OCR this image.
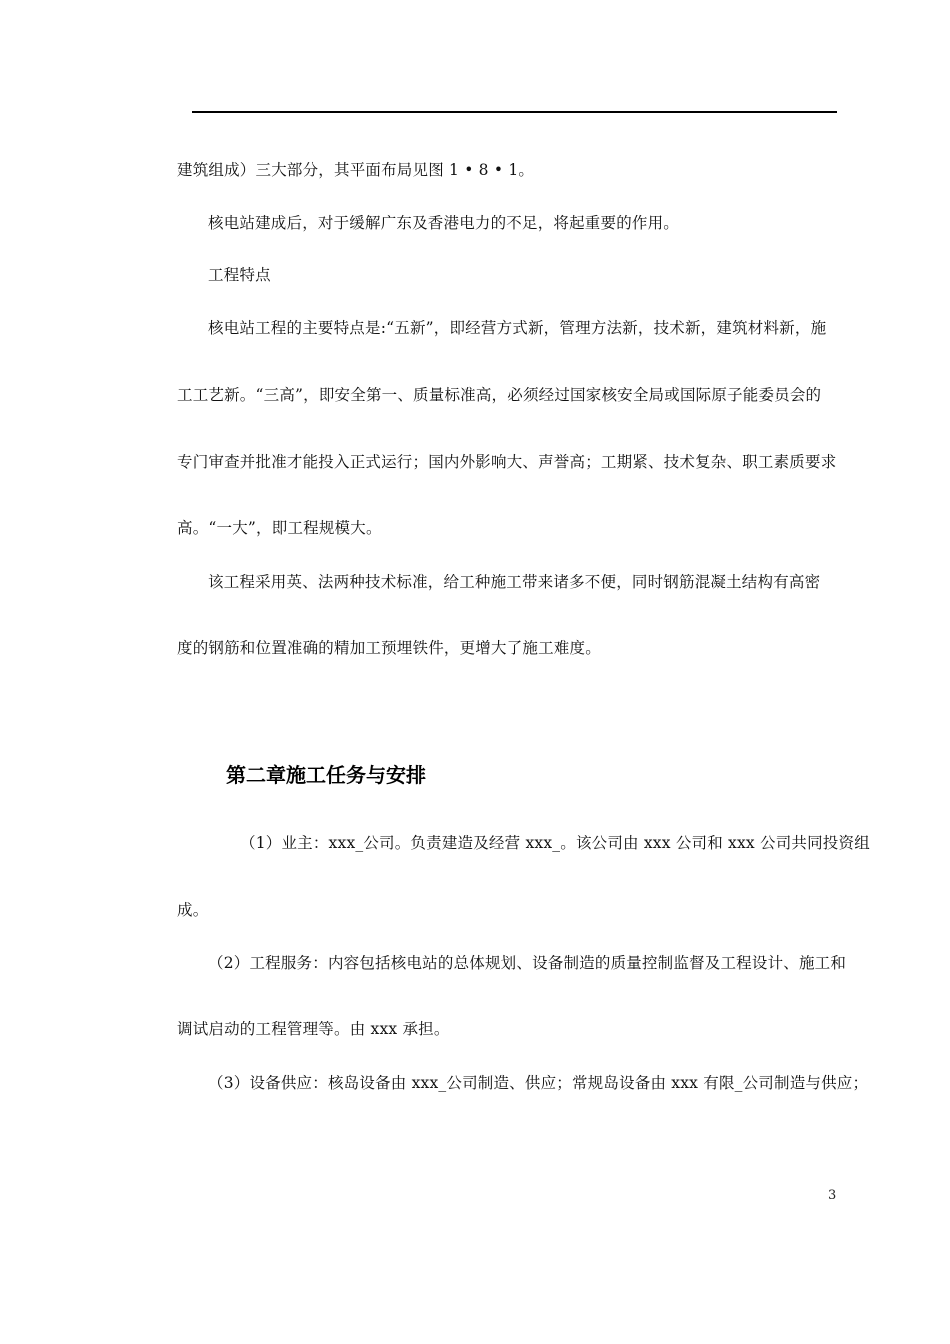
建筑组成）三大部分，其平面布局见图 1 • 8 • 1。
核电站建成后，对于缓解广东及香港电力的不足，将起重要的作用。
工程特点
核电站工程的主要特点是:“五新”，即经营方式新，管理方法新，技术新，建筑材料新，施
工工艺新。“三高”，即安全第一、质量标准高，必须经过国家核安全局或国际原子能委员会的
专门审查并批准才能投入正式运行；国内外影响大、声誉高；工期紧、技术复杂、职工素质要求
高。“一大”，即工程规模大。
该工程采用英、法两种技术标准，给工种施工带来诸多不便，同时钢筋混凝土结构有高密
度的钢筋和位置准确的精加工预埋铁件，更增大了施工难度。
第二章施工任务与安排
（1）业主：xxx_公司。负责建造及经营 xxx_。该公司由 xxx 公司和 xxx 公司共同投资组
成。
（2）工程服务：内容包括核电站的总体规划、设备制造的质量控制监督及工程设计、施工和
调试启动的工程管理等。由 xxx 承担。
（3）设备供应：核岛设备由 xxx_公司制造、供应；常规岛设备由 xxx 有限_公司制造与供应；
3
